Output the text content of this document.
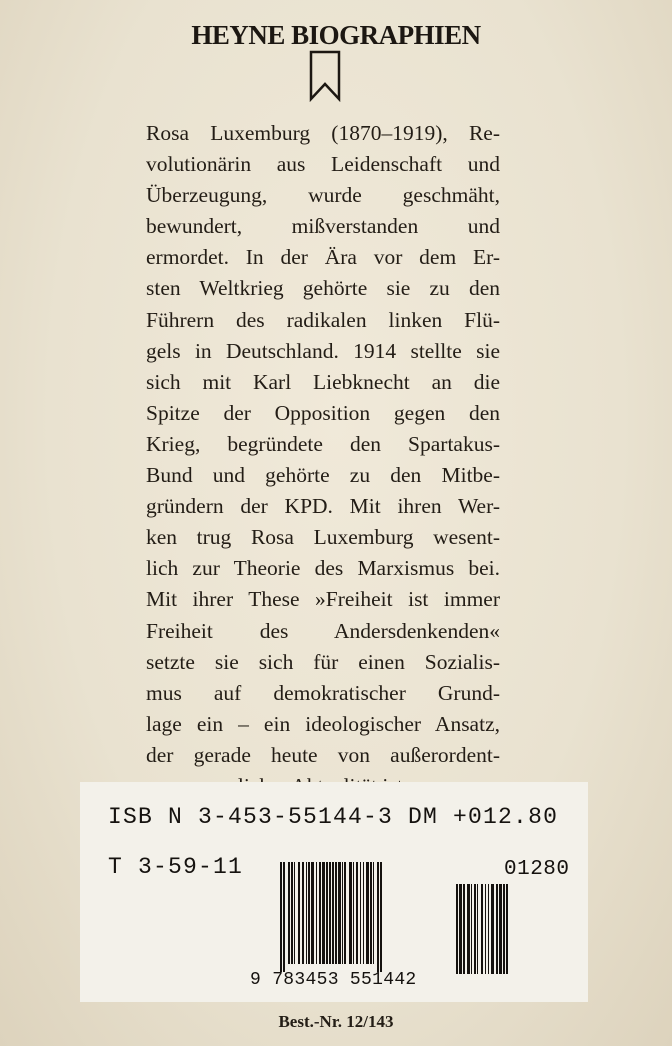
HEYNE BIOGRAPHIEN
Rosa Luxemburg (1870–1919), Re-
volutionärin aus Leidenschaft und
Überzeugung, wurde geschmäht,
bewundert, mißverstanden und
ermordet. In der Ära vor dem Er-
sten Weltkrieg gehörte sie zu den
Führern des radikalen linken Flü-
gels in Deutschland. 1914 stellte sie
sich mit Karl Liebknecht an die
Spitze der Opposition gegen den
Krieg, begründete den Spartakus-
Bund und gehörte zu den Mitbe-
gründern der KPD. Mit ihren Wer-
ken trug Rosa Luxemburg wesent-
lich zur Theorie des Marxismus bei.
Mit ihrer These »Freiheit ist immer
Freiheit des Andersdenkenden«
setzte sie sich für einen Sozialis-
mus auf demokratischer Grund-
lage ein – ein ideologischer Ansatz,
der gerade heute von außerordent-
ISB N 3-453-55144-3 DM +012.80
T 3-59-11	01280
9 783453 551442
Best.-Nr. 12/143
